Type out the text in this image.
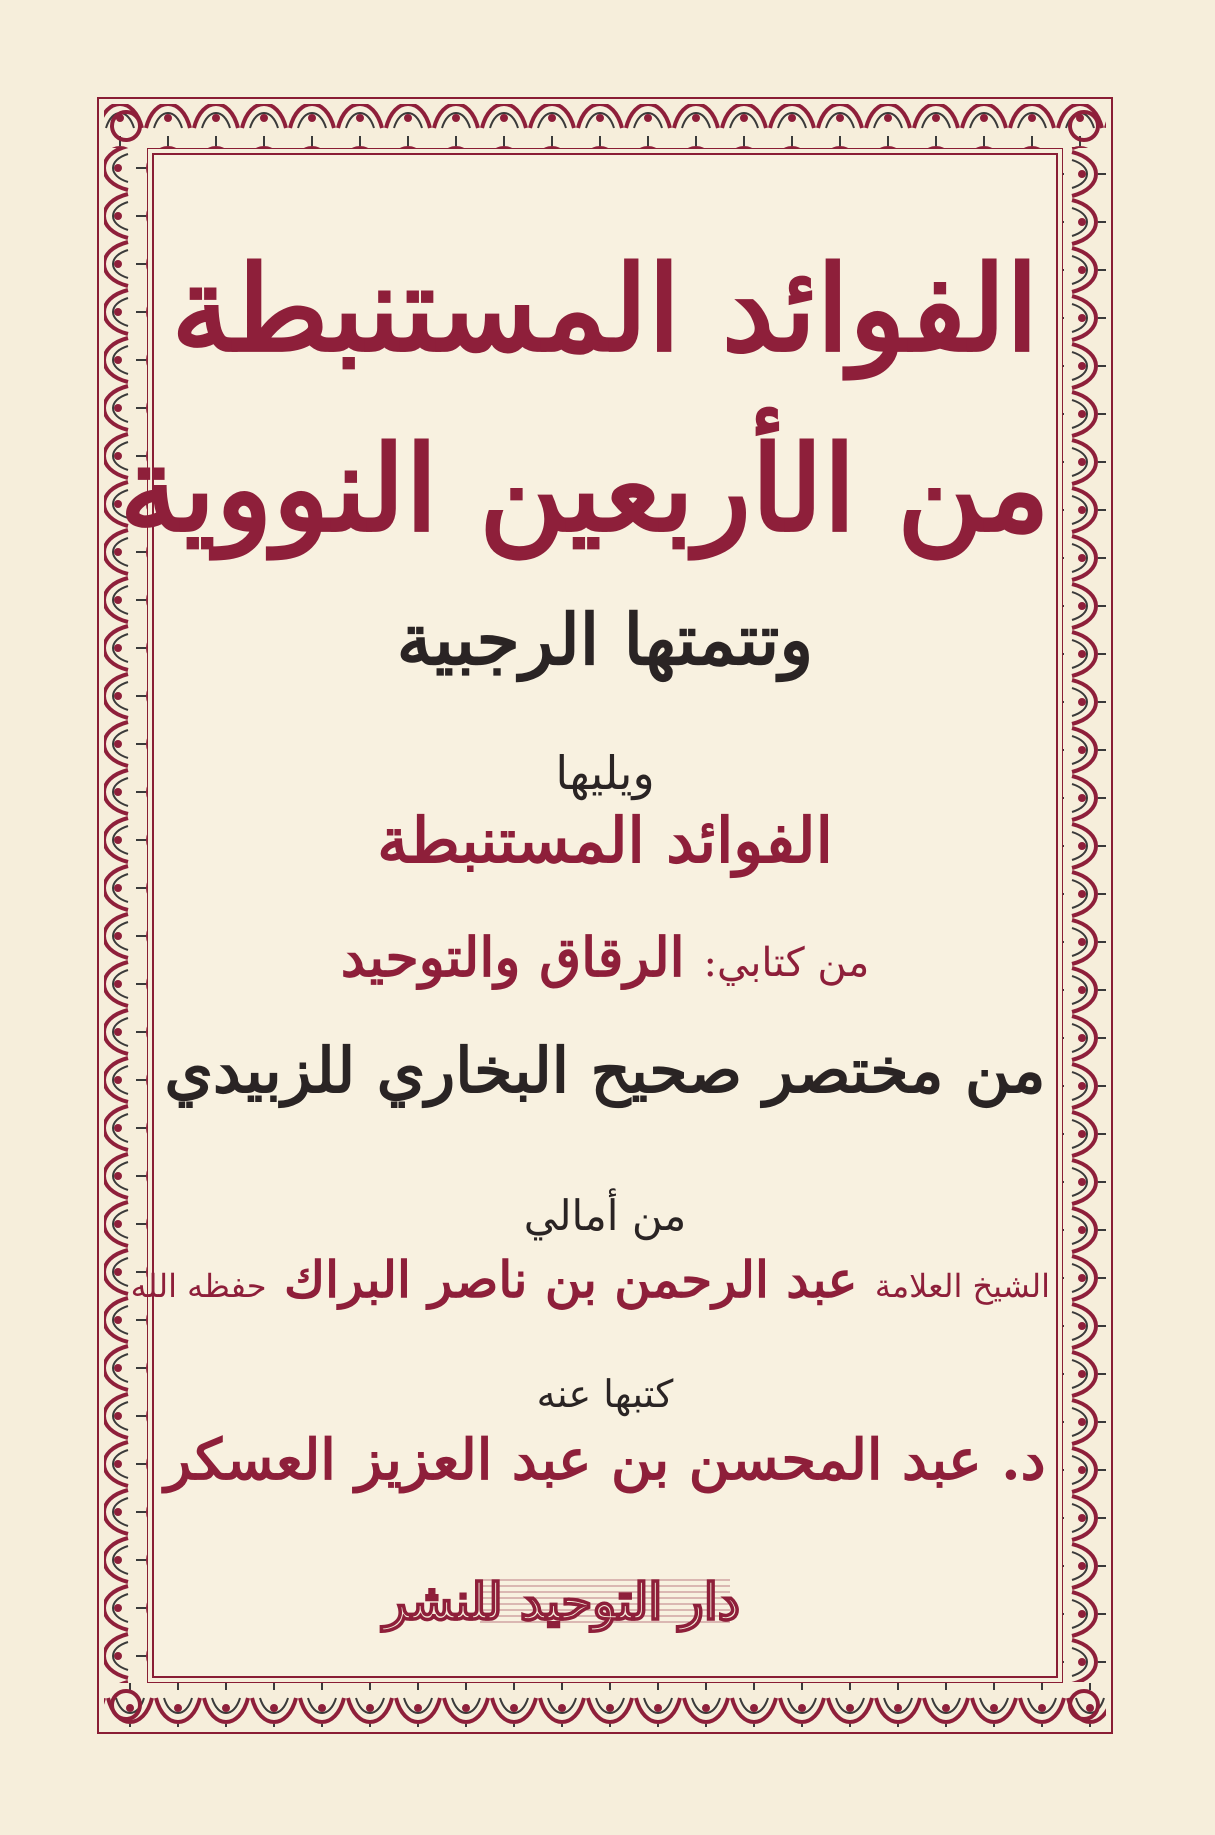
الفوائد المستنبطة
من الأربعين النووية
وتتمتها الرجبية
ويليها
الفوائد المستنبطة
من كتابي: الرقاق والتوحيد
من مختصر صحيح البخاري للزبيدي
من أمالي
الشيخ العلامة عبد الرحمن بن ناصر البراك حفظه الله
كتبها عنه
د. عبد المحسن بن عبد العزيز العسكر
دار التوحيد للنشر
